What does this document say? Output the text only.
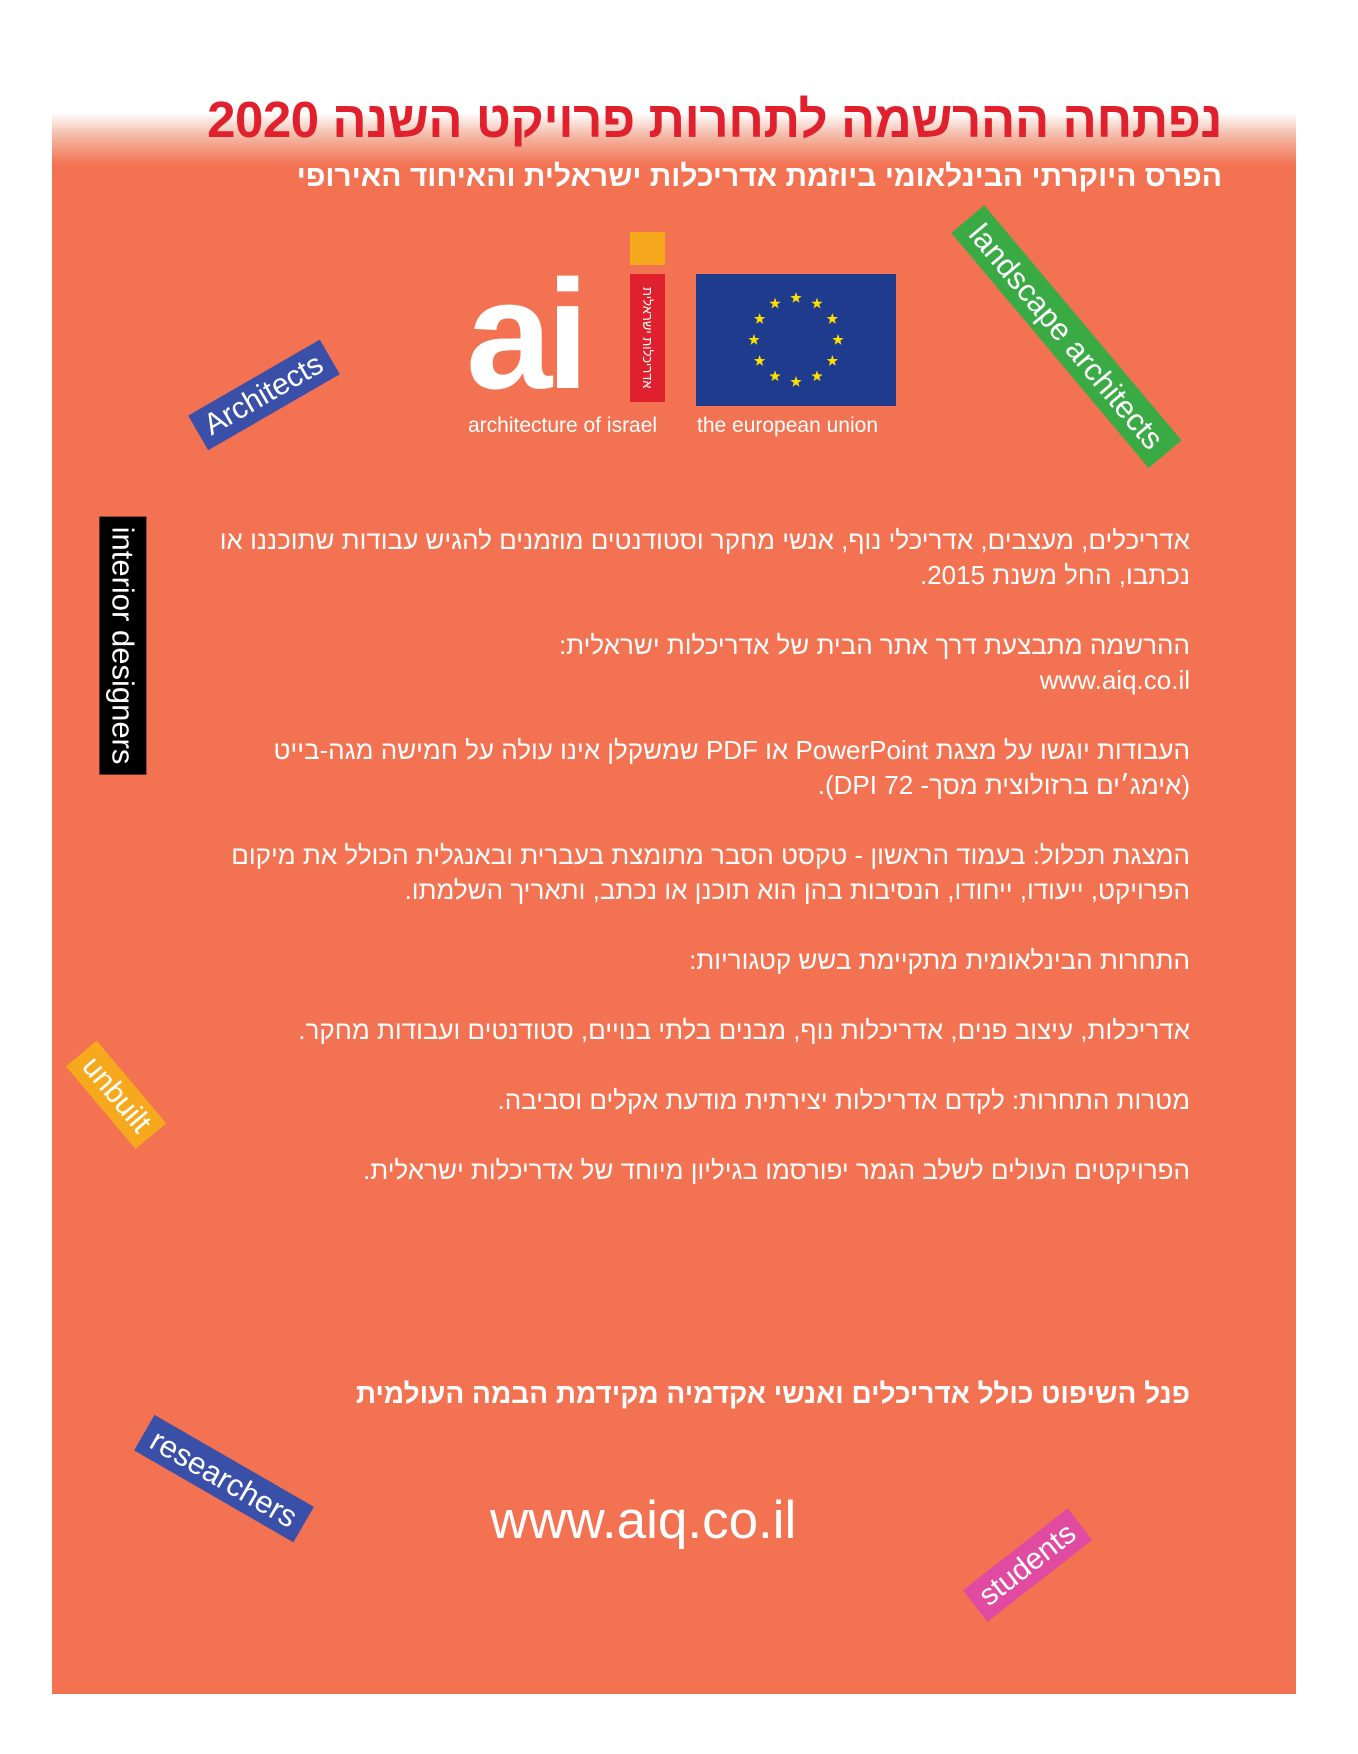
נפתחה ההרשמה לתחרות פרויקט השנה 2020
הפרס היוקרתי הבינלאומי ביוזמת אדריכלות ישראלית והאיחוד האירופי
ai	אדריכלות ישראלית
architecture of israel the european union
Architects	landscape architects
interior designers
unbuilt
researchers
students

אדריכלים, מעצבים, אדריכלי נוף, אנשי מחקר וסטודנטים מוזמנים להגיש עבודות שתוכננו או נכתבו, החל משנת 2015.

ההרשמה מתבצעת דרך אתר הבית של אדריכלות ישראלית:
www.aiq.co.il

העבודות יוגשו על מצגת PowerPoint או PDF שמשקלן אינו עולה על חמישה מגה-בייט (אימג׳ים ברזולוצית מסך- 72 DPI).

המצגת תכלול: בעמוד הראשון - טקסט הסבר מתומצת בעברית ובאנגלית הכולל את מיקום הפרויקט, ייעודו, ייחודו, הנסיבות בהן הוא תוכנן או נכתב, ותאריך השלמתו.

התחרות הבינלאומית מתקיימת בשש קטגוריות:

אדריכלות, עיצוב פנים, אדריכלות נוף, מבנים בלתי בנויים, סטודנטים ועבודות מחקר.

מטרות התחרות: לקדם אדריכלות יצירתית מודעת אקלים וסביבה.

הפרויקטים העולים לשלב הגמר יפורסמו בגיליון מיוחד של אדריכלות ישראלית.

פנל השיפוט כולל אדריכלים ואנשי אקדמיה מקידמת הבמה העולמית

www.aiq.co.il
